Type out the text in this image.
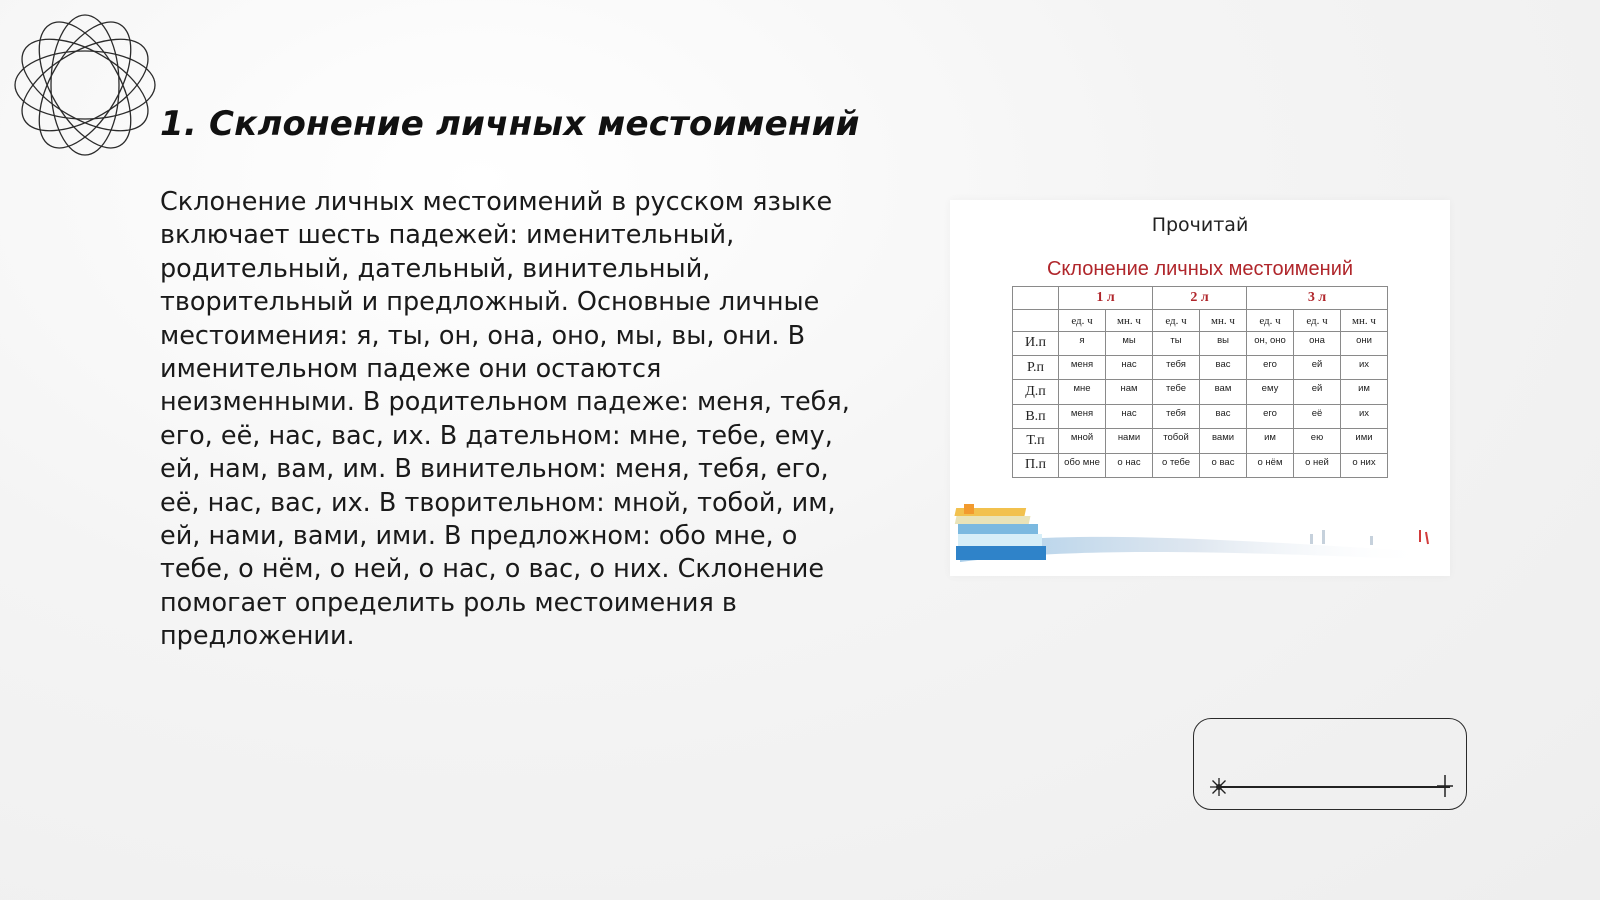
1. Склонение личных местоимений

Склонение личных местоимений в русском языке включает шесть падежей: именительный, родительный, дательный, винительный, творительный и предложный. Основные личные местоимения: я, ты, он, она, оно, мы, вы, они. В именительном падеже они остаются неизменными. В родительном падеже: меня, тебя, его, её, нас, вас, их. В дательном: мне, тебе, ему, ей, нам, вам, им. В винительном: меня, тебя, его, её, нас, вас, их. В творительном: мной, тобой, им, ей, нами, вами, ими. В предложном: обо мне, о тебе, о нём, о ней, о нас, о вас, о них. Склонение помогает определить роль местоимения в предложении.

Прочитай
Склонение личных местоимений
	1 л		2 л		3 л		
	ед. ч	мн. ч	ед. ч	мн. ч	ед. ч	ед. ч	мн. ч
И.п	я	мы	ты	вы	он, оно	она	они
Р.п	меня	нас	тебя	вас	его	ей	их
Д.п	мне	нам	тебе	вам	ему	ей	им
В.п	меня	нас	тебя	вас	его	её	их
Т.п	мной	нами	тобой	вами	им	ею	ими
П.п	обо мне	о нас	о тебе	о вас	о нём	о ней	о них
